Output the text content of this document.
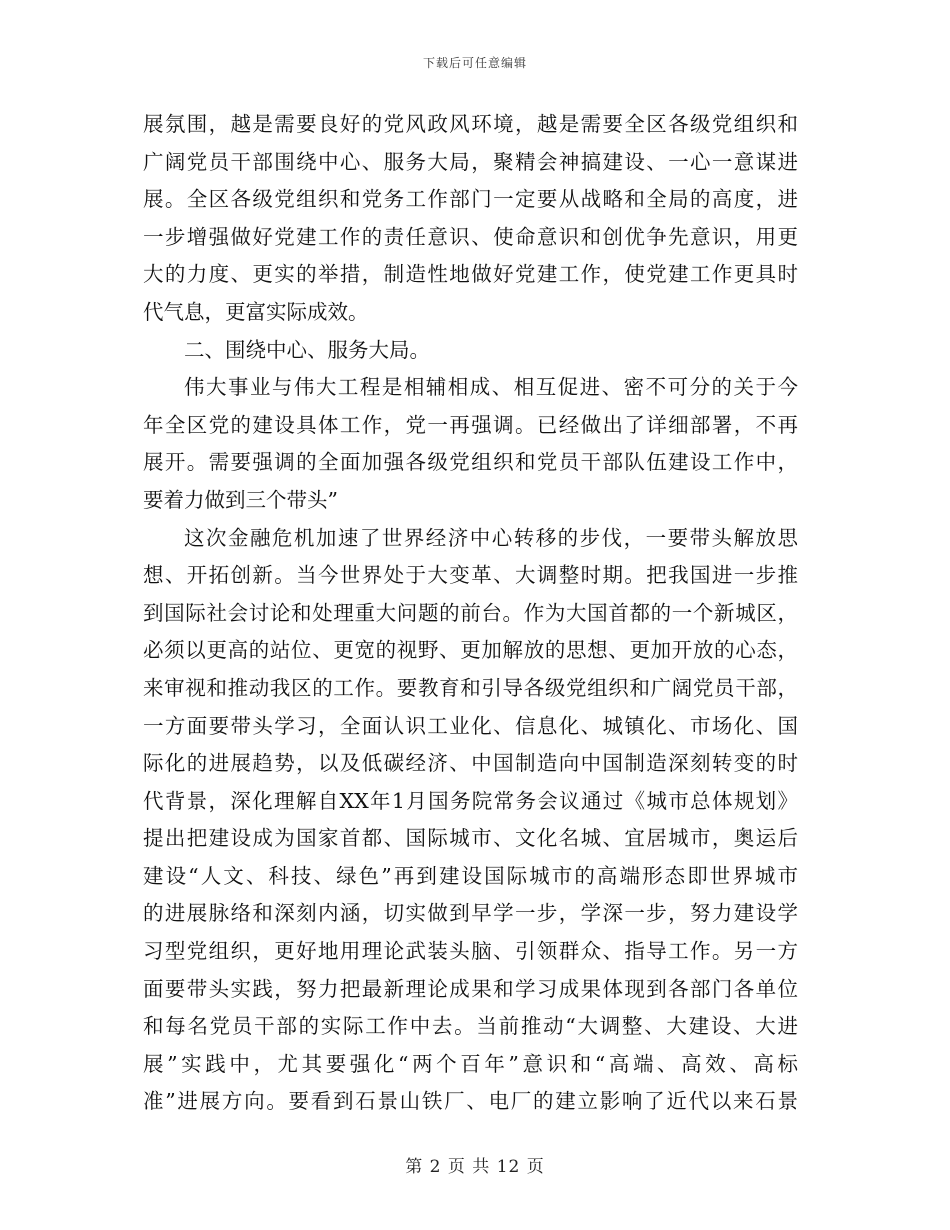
下载后可任意编辑
展氛围，越是需要良好的党风政风环境，越是需要全区各级党组织和
广阔党员干部围绕中心、服务大局，聚精会神搞建设、一心一意谋进
展。全区各级党组织和党务工作部门一定要从战略和全局的高度，进
一步增强做好党建工作的责任意识、使命意识和创优争先意识，用更
大的力度、更实的举措，制造性地做好党建工作，使党建工作更具时
代气息，更富实际成效。
二、围绕中心、服务大局。
伟大事业与伟大工程是相辅相成、相互促进、密不可分的关于今
年全区党的建设具体工作，党一再强调。已经做出了详细部署，不再
展开。需要强调的全面加强各级党组织和党员干部队伍建设工作中，
要着力做到三个带头”
这次金融危机加速了世界经济中心转移的步伐，一要带头解放思
想、开拓创新。当今世界处于大变革、大调整时期。把我国进一步推
到国际社会讨论和处理重大问题的前台。作为大国首都的一个新城区，
必须以更高的站位、更宽的视野、更加解放的思想、更加开放的心态，
来审视和推动我区的工作。要教育和引导各级党组织和广阔党员干部，
一方面要带头学习，全面认识工业化、信息化、城镇化、市场化、国
际化的进展趋势，以及低碳经济、中国制造向中国制造深刻转变的时
代背景，深化理解自XX年1月国务院常务会议通过《城市总体规划》
提出把建设成为国家首都、国际城市、文化名城、宜居城市，奥运后
建设“人文、科技、绿色”再到建设国际城市的高端形态即世界城市
的进展脉络和深刻内涵，切实做到早学一步，学深一步，努力建设学
习型党组织，更好地用理论武装头脑、引领群众、指导工作。另一方
面要带头实践，努力把最新理论成果和学习成果体现到各部门各单位
和每名党员干部的实际工作中去。当前推动“大调整、大建设、大进
展”实践中，尤其要强化“两个百年”意识和“高端、高效、高标
准”进展方向。要看到石景山铁厂、电厂的建立影响了近代以来石景
第 2 页 共 12 页
